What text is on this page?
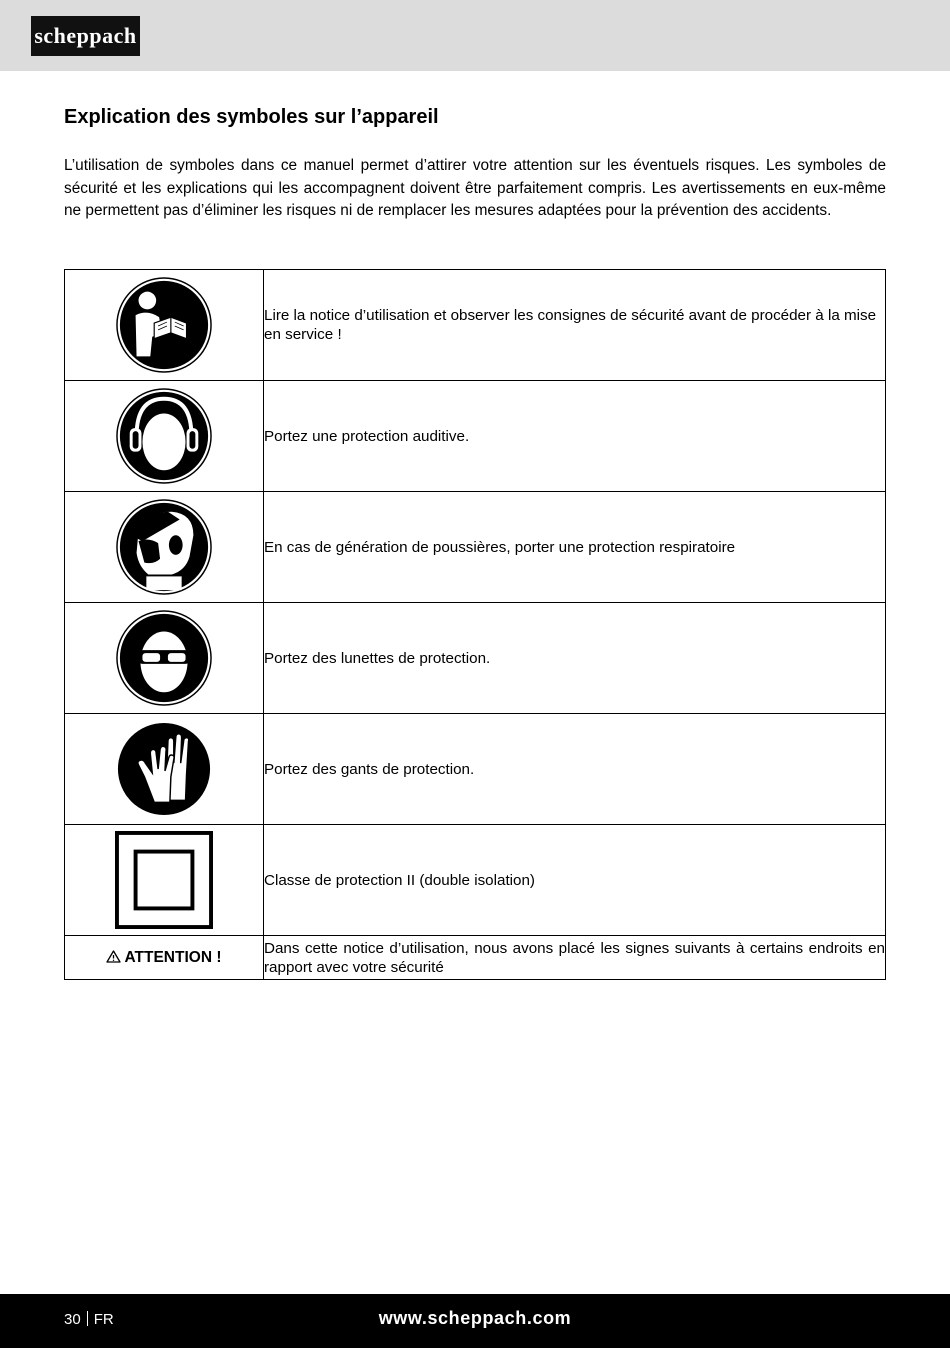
scheppach
Explication des symboles sur l’appareil

L’utilisation de symboles dans ce manuel permet d’attirer votre attention sur les éventuels risques. Les symboles de sécurité et les explications qui les accompagnent doivent être parfaitement compris. Les avertissements en eux-même ne permettent pas d’éliminer les risques ni de remplacer les mesures adaptées pour la prévention des accidents.

	Lire la notice d’utilisation et observer les consignes de sécurité avant de procéder à la mise en service !

	Portez une protection auditive.

	En cas de génération de poussières, porter une protection respiratoire

	Portez des lunettes de protection.

	Portez des gants de protection.

	Classe de protection II (double isolation)
ATTENTION !	Dans cette notice d’utilisation, nous avons placé les signes suivants à certains endroits en rapport avec votre sécurité
30 FR	www.scheppach.com
